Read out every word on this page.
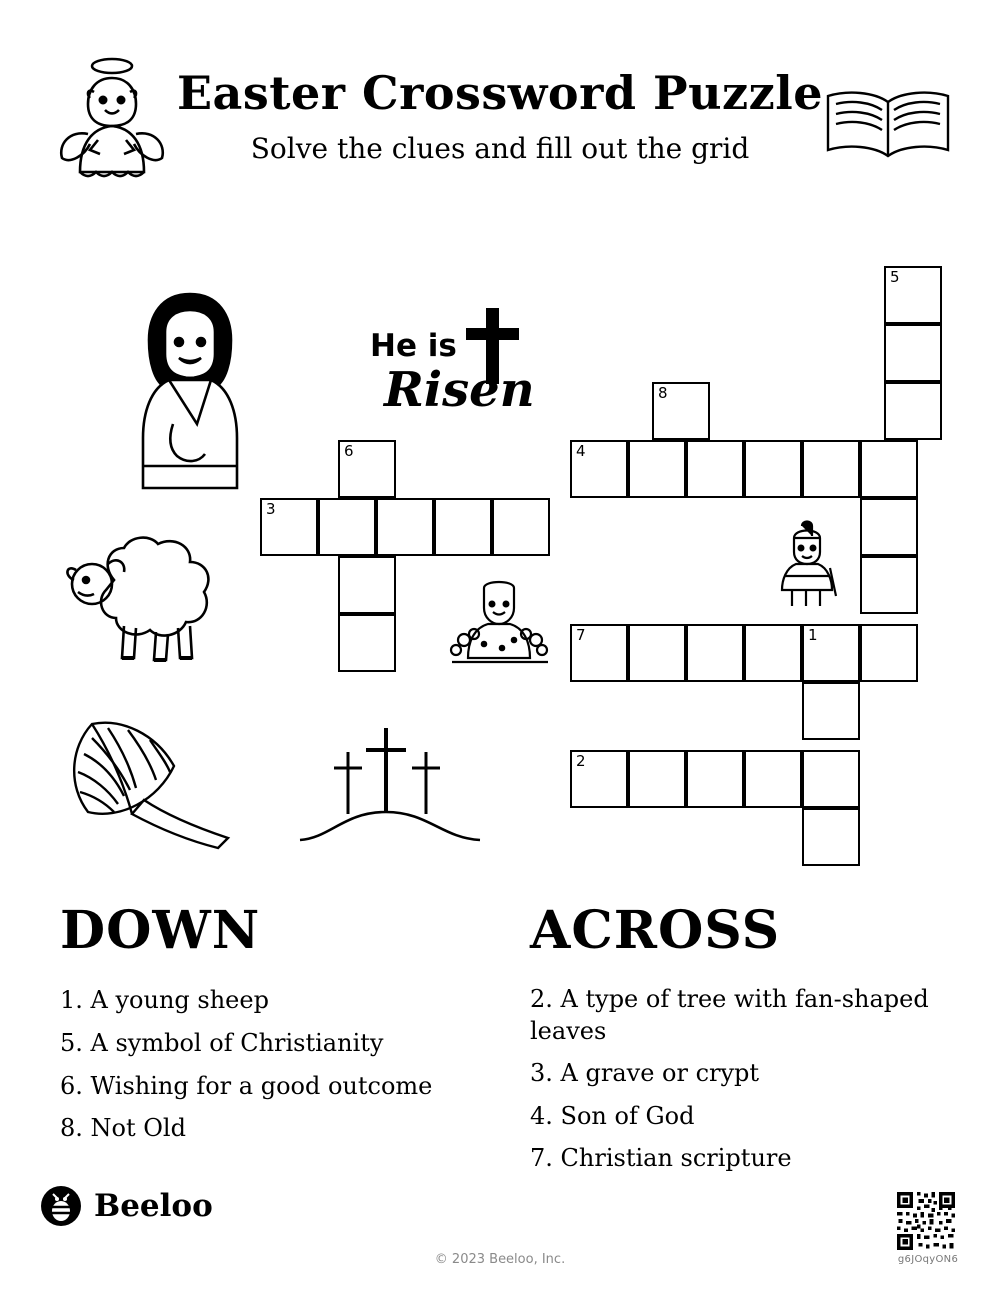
Easter Crossword Puzzle
Solve the clues and fill out the grid
He is
Risen
5
8
6	4
3
7	1
2
DOWN
1. A young sheep
5. A symbol of Christianity
6. Wishing for a good outcome
8. Not Old
ACROSS
2. A type of tree with fan-shaped leaves
3. A grave or crypt
4. Son of God
7. Christian scripture
Beeloo
© 2023 Beeloo, Inc.	g6JOqyON6
